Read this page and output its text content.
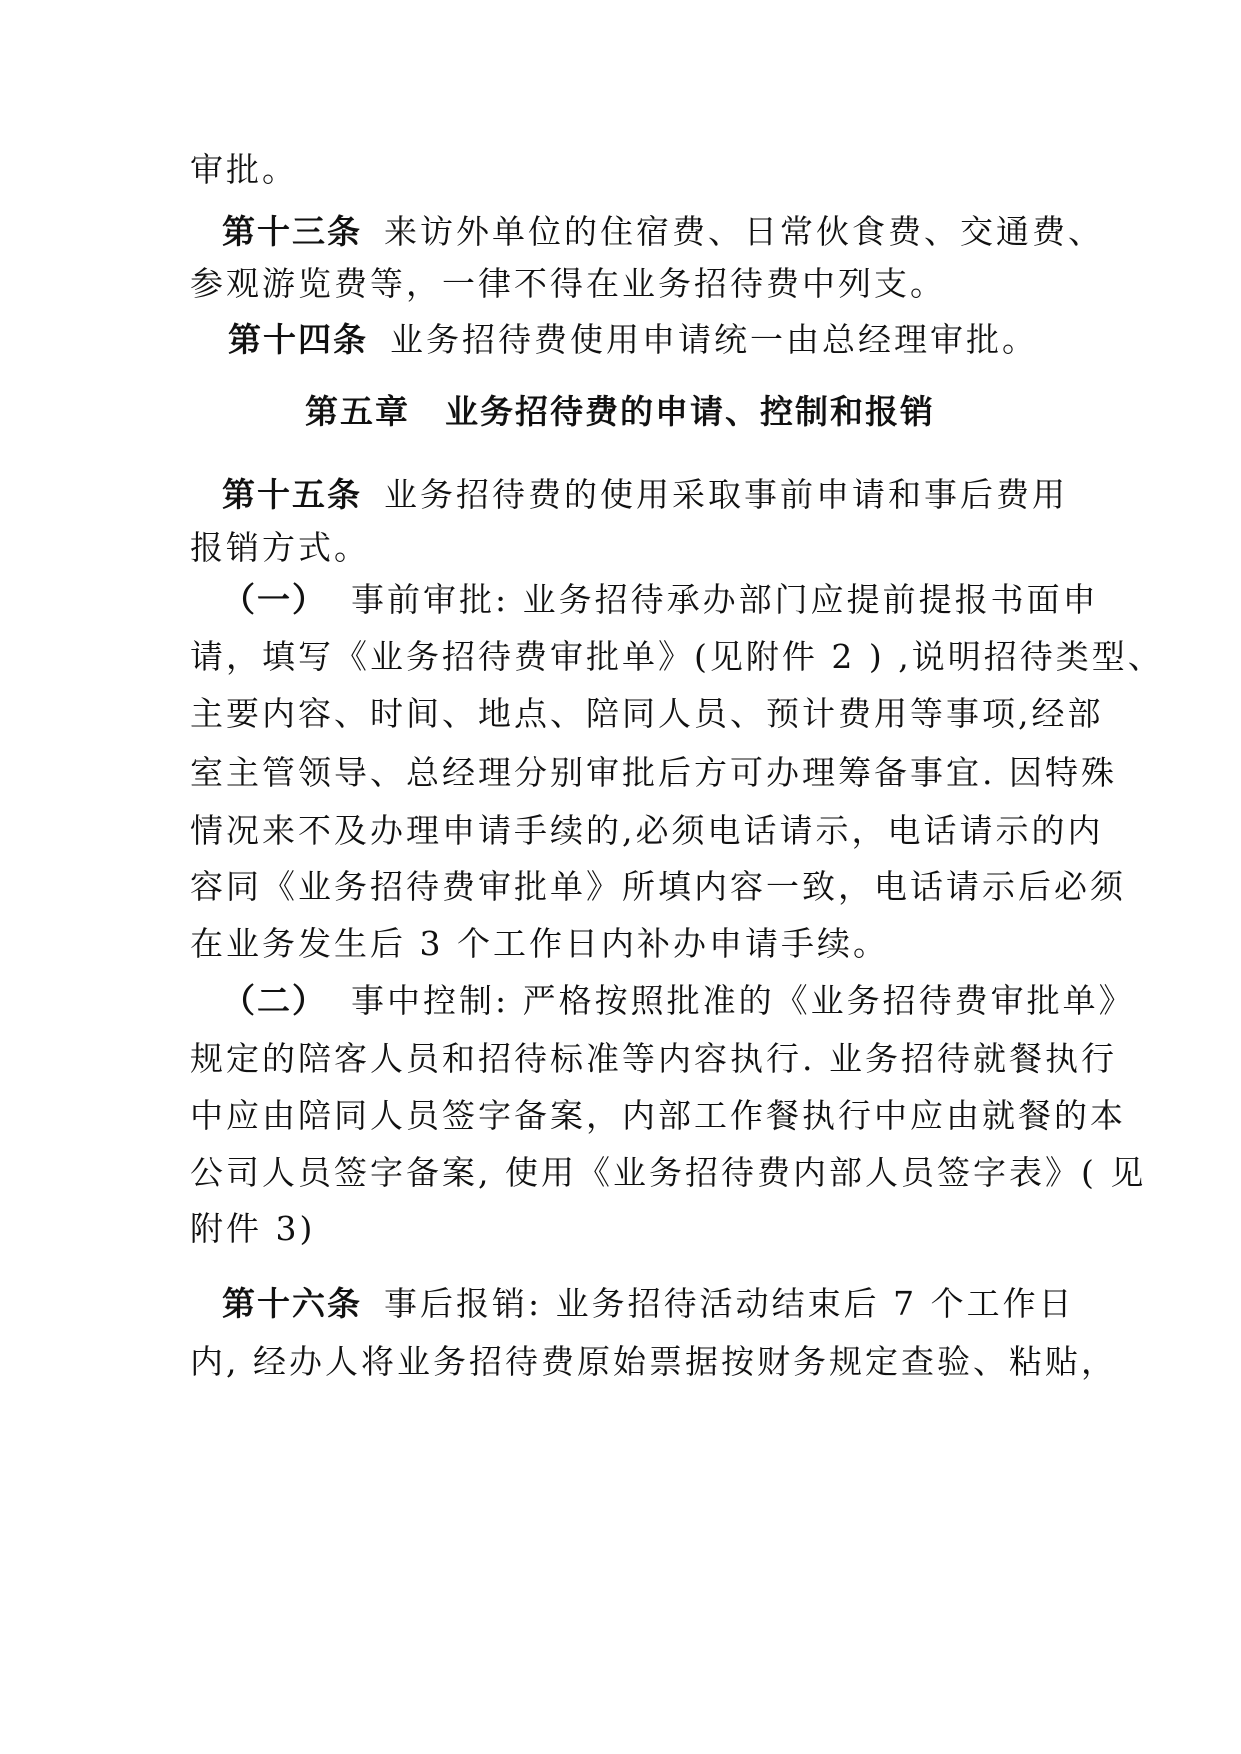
审批。
第十三条 来访外单位的住宿费、日常伙食费、交通费、
参观游览费等，一律不得在业务招待费中列支。
第十四条 业务招待费使用申请统一由总经理审批。
第五章　业务招待费的申请、控制和报销
第十五条 业务招待费的使用采取事前申请和事后费用
报销方式。
（一） 事前审批: 业务招待承办部门应提前提报书面申
请，填写《业务招待费审批单》(见附件 2 ) ,说明招待类型、
主要内容、时间、地点、陪同人员、预计费用等事项,经部
室主管领导、总经理分别审批后方可办理筹备事宜. 因特殊
情况来不及办理申请手续的,必须电话请示，电话请示的内
容同《业务招待费审批单》所填内容一致，电话请示后必须
在业务发生后 3 个工作日内补办申请手续。
（二） 事中控制: 严格按照批准的《业务招待费审批单》
规定的陪客人员和招待标准等内容执行. 业务招待就餐执行
中应由陪同人员签字备案，内部工作餐执行中应由就餐的本
公司人员签字备案, 使用《业务招待费内部人员签字表》( 见
附件 3)
第十六条 事后报销: 业务招待活动结束后 7 个工作日
内, 经办人将业务招待费原始票据按财务规定查验、粘贴，
